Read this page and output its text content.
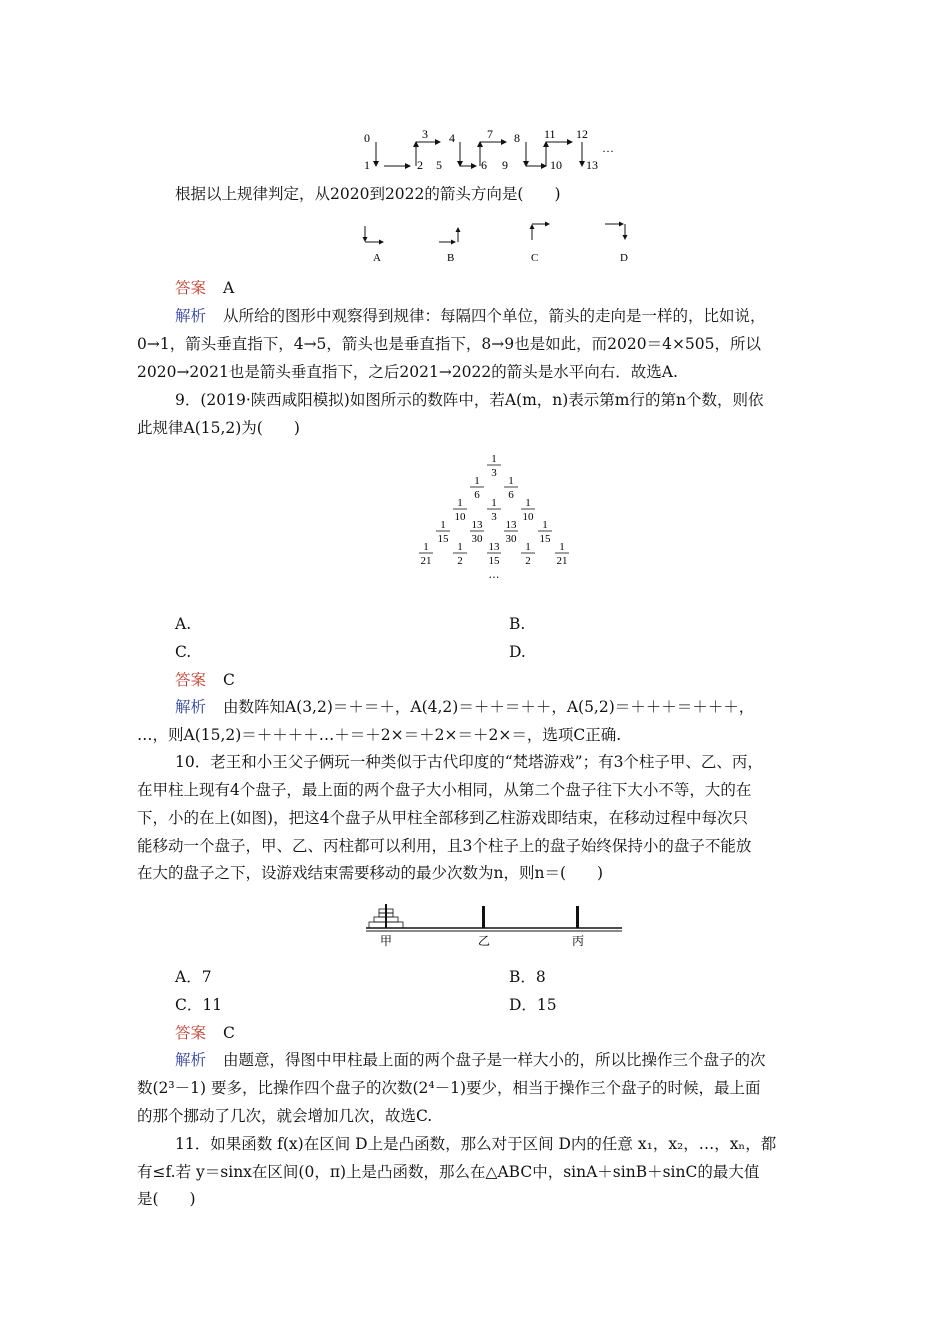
0	3 4	7 8 11 12
1	2 5	6 9	10 13
…
根据以上规律判定，从2020到2022的箭头方向是(　　)
A	B	C	D
答案 A
解析 从所给的图形中观察得到规律：每隔四个单位，箭头的走向是一样的，比如说，
0→1，箭头垂直指下，4→5，箭头也是垂直指下，8→9也是如此，而2020＝4×505，所以
2020→2021也是箭头垂直指下，之后2021→2022的箭头是水平向右．故选A.
9．(2019·陕西咸阳模拟)如图所示的数阵中，若A(m，n)表示第m行的第n个数，则依
此规律A(15,2)为(　　)
1
3
1
6
1
6
1
10
1
3
1
10
1
15
13
30
13
30
1
15
1
21
1
2
13
15
1
2
1
21
…
A.	B.
C.	D.
答案 C
解析 由数阵知A(3,2)＝＋＝＋，A(4,2)＝＋＋＝＋＋，A(5,2)＝＋＋＋＝＋＋＋，
…，则A(15,2)＝＋＋＋＋…＋＝＋2×＝＋2×＝＋2×＝，选项C正确.
10．老王和小王父子俩玩一种类似于古代印度的“梵塔游戏”；有3个柱子甲、乙、丙，
在甲柱上现有4个盘子，最上面的两个盘子大小相同，从第二个盘子往下大小不等，大的在
下，小的在上(如图)，把这4个盘子从甲柱全部移到乙柱游戏即结束，在移动过程中每次只
能移动一个盘子，甲、乙、丙柱都可以利用，且3个柱子上的盘子始终保持小的盘子不能放
在大的盘子之下，设游戏结束需要移动的最少次数为n，则n＝(　　)
甲	乙	丙
A．7	B．8
C．11	D．15
答案 C
解析 由题意，得图中甲柱最上面的两个盘子是一样大小的，所以比操作三个盘子的次
数(2³－1) 要多，比操作四个盘子的次数(2⁴－1)要少，相当于操作三个盘子的时候，最上面
的那个挪动了几次，就会增加几次，故选C.
11．如果函数 f(x)在区间 D上是凸函数，那么对于区间 D内的任意 x₁，x₂，…，xₙ，都
有≤f.若 y＝sinx在区间(0，π)上是凸函数，那么在△ABC中，sinA＋sinB＋sinC的最大值
是(　　)
